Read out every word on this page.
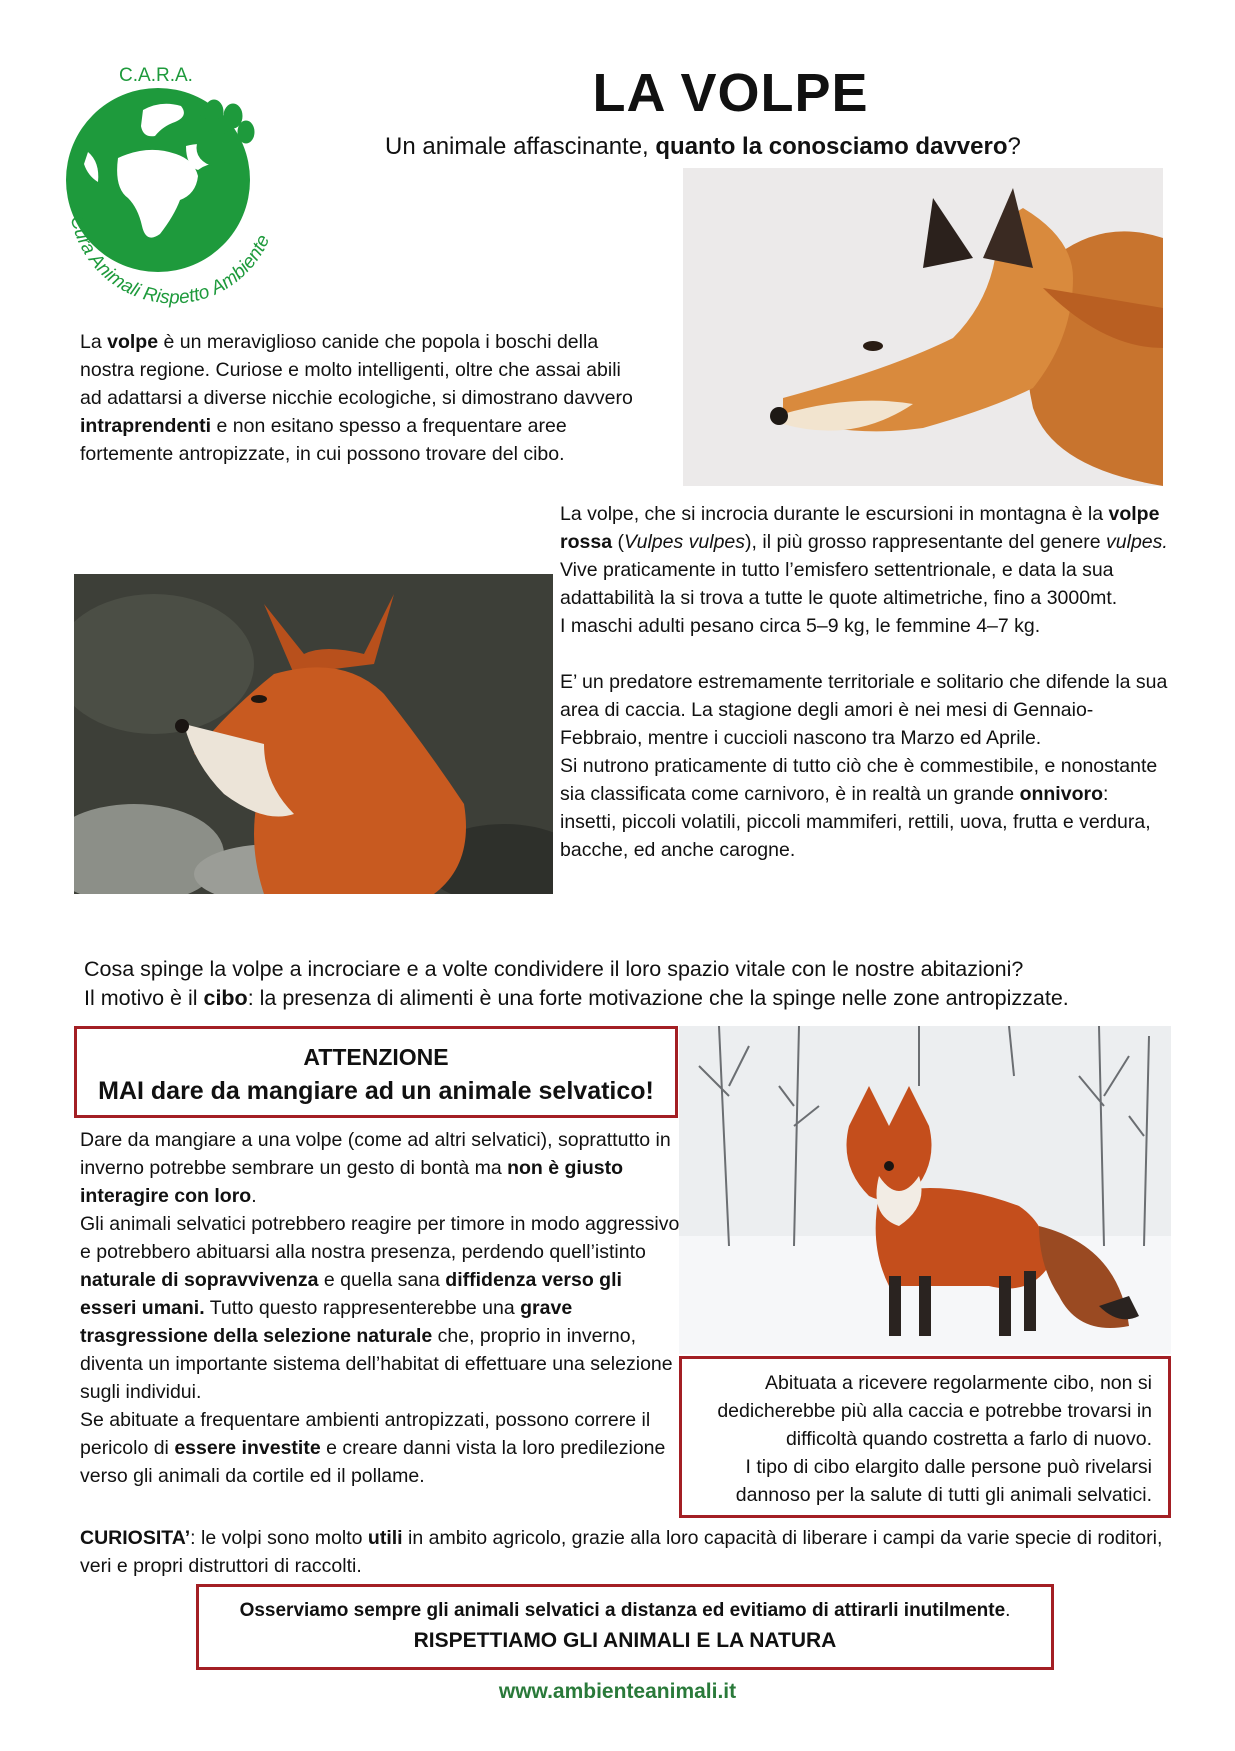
C.A.R.A.
Cura Animali Rispetto Ambiente
LA VOLPE
Un animale affascinante, quanto la conosciamo davvero?
La volpe è un meraviglioso canide che popola i boschi della nostra regione. Curiose e molto intelligenti, oltre che assai abili ad adattarsi a diverse nicchie ecologiche, si dimostrano davvero intraprendenti e non esitano spesso a frequentare aree fortemente antropizzate, in cui possono trovare del cibo.
La volpe, che si incrocia durante le escursioni in montagna è la volpe rossa (Vulpes vulpes), il più grosso rappresentante del genere vulpes.
Vive praticamente in tutto l’emisfero settentrionale, e data la sua adattabilità la si trova a tutte le quote altimetriche, fino a 3000mt.
I maschi adulti pesano circa 5–9 kg, le femmine 4–7 kg.
E’ un predatore estremamente territoriale e solitario che difende la sua area di caccia. La stagione degli amori è nei mesi di Gennaio-Febbraio, mentre i cuccioli nascono tra Marzo ed Aprile.
Si nutrono praticamente di tutto ciò che è commestibile, e nonostante sia classificata come carnivoro, è in realtà un grande onnivoro: insetti, piccoli volatili, piccoli mammiferi, rettili, uova, frutta e verdura, bacche, ed anche carogne.
Cosa spinge la volpe a incrociare e a volte condividere il loro spazio vitale con le nostre abitazioni?
Il motivo è il cibo: la presenza di alimenti è una forte motivazione che la spinge nelle zone antropizzate.
ATTENZIONE
MAI dare da mangiare ad un animale selvatico!
Dare da mangiare a una volpe (come ad altri selvatici), soprattutto in inverno potrebbe sembrare un gesto di bontà ma non è giusto interagire con loro.
Gli animali selvatici potrebbero reagire per timore in modo aggressivo e potrebbero abituarsi alla nostra presenza, perdendo quell’istinto naturale di sopravvivenza e quella sana diffidenza verso gli esseri umani. Tutto questo rappresenterebbe una grave trasgressione della selezione naturale che, proprio in inverno, diventa un importante sistema dell’habitat di effettuare una selezione sugli individui.
Se abituate a frequentare ambienti antropizzati, possono correre il pericolo di essere investite e creare danni vista la loro predilezione verso gli animali da cortile ed il pollame.
Abituata a ricevere regolarmente cibo, non si dedicherebbe più alla caccia e potrebbe trovarsi in difficoltà quando costretta a farlo di nuovo.
I tipo di cibo elargito dalle persone può rivelarsi dannoso per la salute di tutti gli animali selvatici.
CURIOSITA’: le volpi sono molto utili in ambito agricolo, grazie alla loro capacità di liberare i campi da varie specie di roditori, veri e propri distruttori di raccolti.
Osserviamo sempre gli animali selvatici a distanza ed evitiamo di attirarli inutilmente.
RISPETTIAMO GLI ANIMALI E LA NATURA
www.ambienteanimali.it
